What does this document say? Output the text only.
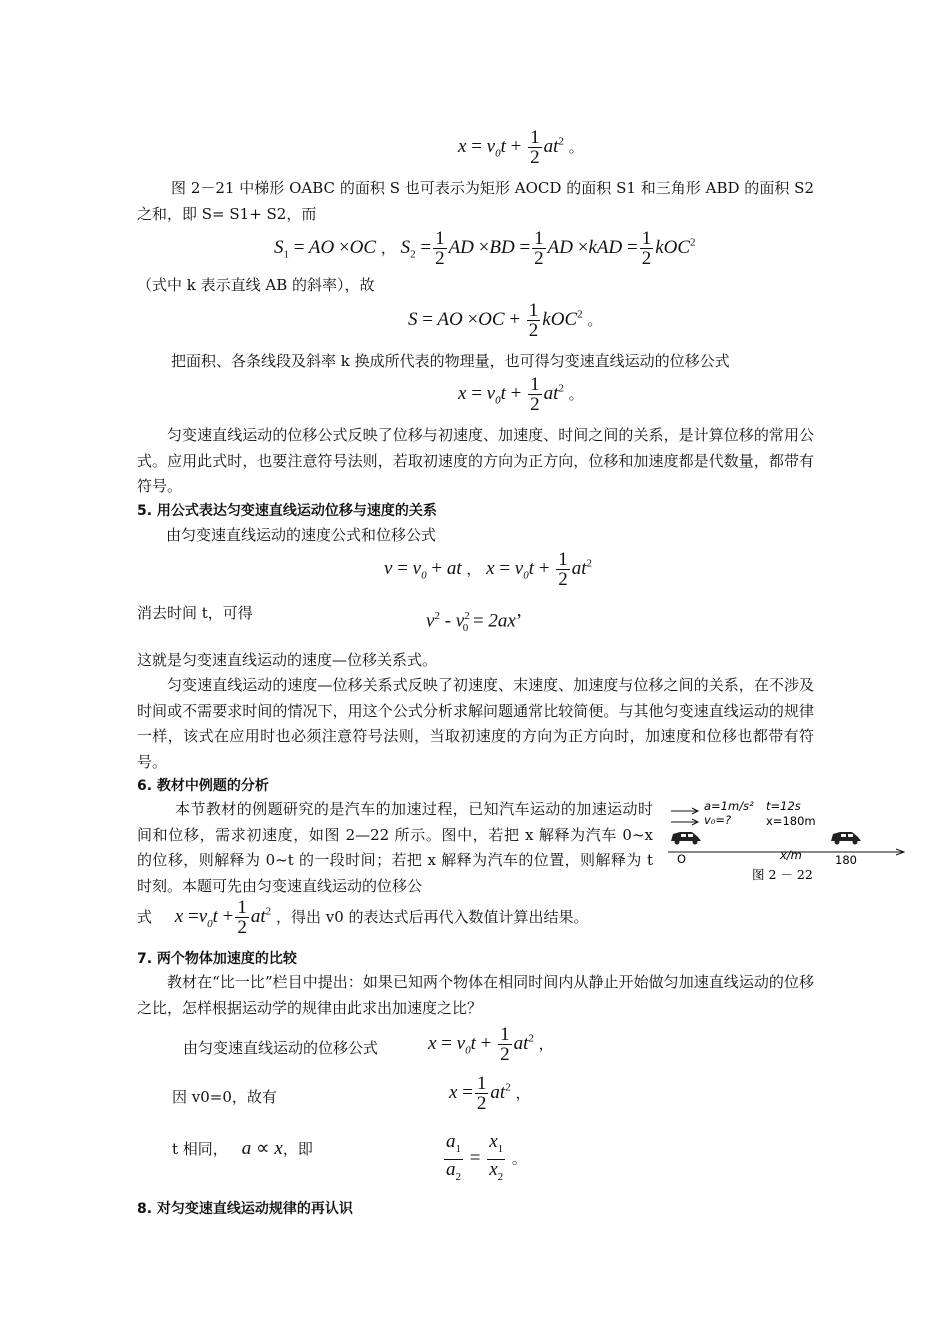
$x = v_0t + \frac{1}{2} at^2$ 。
图 2－21 中梯形 OABC 的面积 S 也可表示为矩形 AOCD 的面积 S1 和三角形 ABD 的面积 S2 之和，即 S= S1+ S2，而
$S_1$ = AO ×OC ， $S_2 = \frac{1}{2}$ AD $\times BD = \frac{1}{2}$ AD $\times kAD = \frac{1}{2} kOC^2$
（式中 k 表示直线 AB 的斜率），故
S = AO $\times OC + \frac{1}{2} kOC^2$ 。
把面积、各条线段及斜率 k 换成所代表的物理量，也可得匀变速直线运动的位移公式
$x = v_0t + \frac{1}{2} at^2$ 。
匀变速直线运动的位移公式反映了位移与初速度、加速度、时间之间的关系，是计算位移的常用公式。应用此式时，也要注意符号法则，若取初速度的方向为正方向，位移和加速度都是代数量，都带有符号。
5. 用公式表达匀变速直线运动位移与速度的关系
由匀变速直线运动的速度公式和位移公式
$v = v_0$ + at ， $x = v_0t + \frac{1}{2} at^2$
消去时间 t，可得	$v^2 - v^2_0 = 2ax$’
这就是匀变速直线运动的速度—位移关系式。
匀变速直线运动的速度—位移关系式反映了初速度、末速度、加速度与位移之间的关系，在不涉及时间或不需要求时间的情况下，用这个公式分析求解问题通常比较简便。与其他匀变速直线运动的规律一样，该式在应用时也必须注意符号法则，当取初速度的方向为正方向时，加速度和位移也都带有符号。
6. 教材中例题的分析
本节教材的例题研究的是汽车的加速过程，已知汽车运动的加速运动时间和位移，需求初速度，如图 2—22 所示。图中，若把 x 解释为汽车 0~x 的位移，则解释为 0~t 的一段时间；若把 x 解释为汽车的位置，则解释为 t 时刻。本题可先由匀变速直线运动的位移公
式 $x =v_0t + \frac{1}{2} at^2$ ，得出 v0 的表达式后再代入数值计算出结果。
a=1m/s²
v₀=?
t=12s
x=180m
O	x/m	180
图 2 － 22
7. 两个物体加速度的比较
教材在“比一比”栏目中提出：如果已知两个物体在相同时间内从静止开始做匀加速直线运动的位移之比，怎样根据运动学的规律由此求出加速度之比？
由匀变速直线运动的位移公式	$x = v_0t + \frac{1}{2} at^2$ ，
因 v0=0，故有	$x = \frac{1}{2} at^2$ ，
t 相同， a ∝ x，即	$\frac{a_1}{a_2} = \frac{x_1}{x_2}$ 。
8. 对匀变速直线运动规律的再认识
